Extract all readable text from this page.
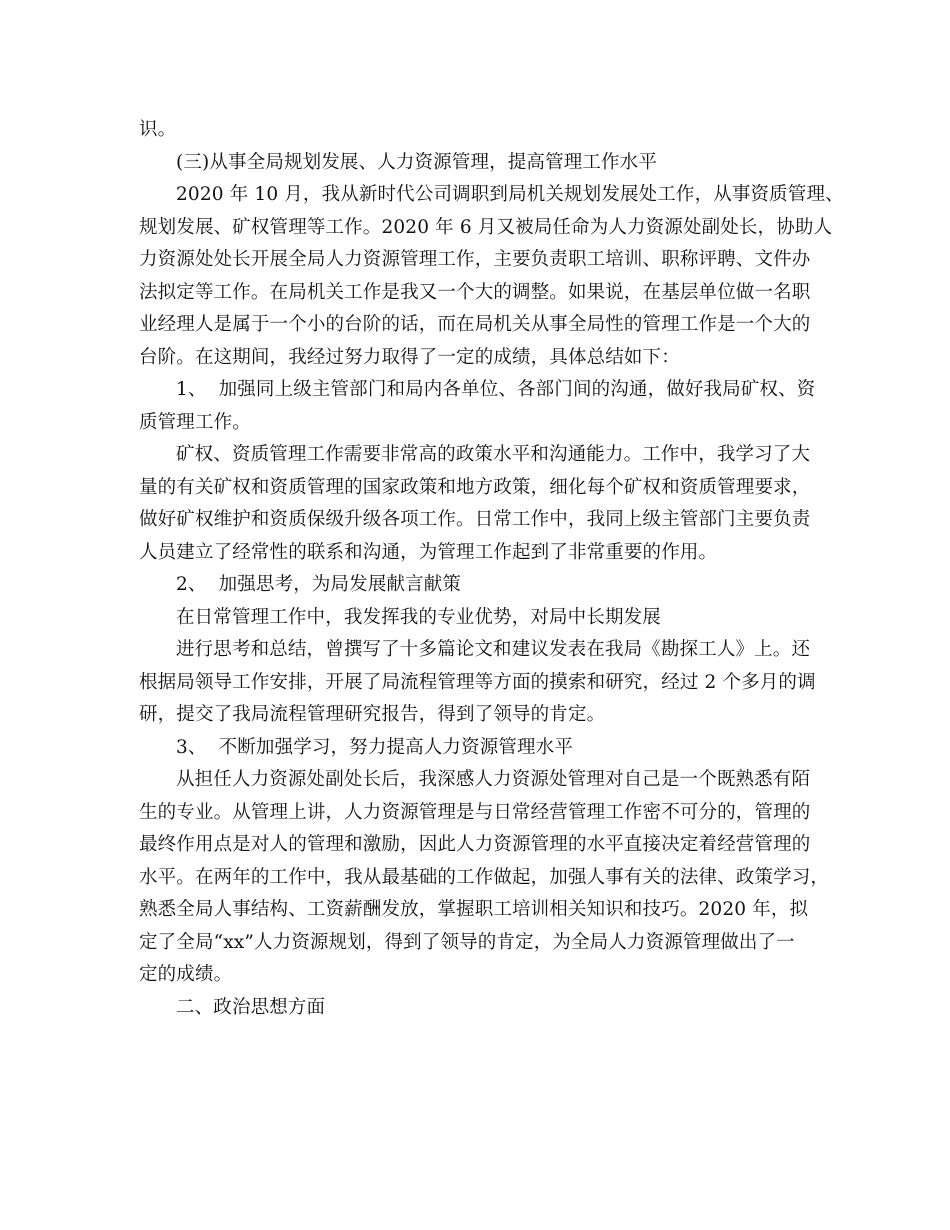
识。
(三)从事全局规划发展、人力资源管理，提高管理工作水平
2020 年 10 月，我从新时代公司调职到局机关规划发展处工作，从事资质管理、
规划发展、矿权管理等工作。2020 年 6 月又被局任命为人力资源处副处长，协助人
力资源处处长开展全局人力资源管理工作，主要负责职工培训、职称评聘、文件办
法拟定等工作。在局机关工作是我又一个大的调整。如果说，在基层单位做一名职
业经理人是属于一个小的台阶的话，而在局机关从事全局性的管理工作是一个大的
台阶。在这期间，我经过努力取得了一定的成绩，具体总结如下：
1、  加强同上级主管部门和局内各单位、各部门间的沟通，做好我局矿权、资
质管理工作。
矿权、资质管理工作需要非常高的政策水平和沟通能力。工作中，我学习了大
量的有关矿权和资质管理的国家政策和地方政策，细化每个矿权和资质管理要求，
做好矿权维护和资质保级升级各项工作。日常工作中，我同上级主管部门主要负责
人员建立了经常性的联系和沟通，为管理工作起到了非常重要的作用。
2、  加强思考，为局发展献言献策
在日常管理工作中，我发挥我的专业优势，对局中长期发展
进行思考和总结，曾撰写了十多篇论文和建议发表在我局《勘探工人》上。还
根据局领导工作安排，开展了局流程管理等方面的摸索和研究，经过 2 个多月的调
研，提交了我局流程管理研究报告，得到了领导的肯定。
3、  不断加强学习，努力提高人力资源管理水平
从担任人力资源处副处长后，我深感人力资源处管理对自己是一个既熟悉有陌
生的专业。从管理上讲，人力资源管理是与日常经营管理工作密不可分的，管理的
最终作用点是对人的管理和激励，因此人力资源管理的水平直接决定着经营管理的
水平。在两年的工作中，我从最基础的工作做起，加强人事有关的法律、政策学习，
熟悉全局人事结构、工资薪酬发放，掌握职工培训相关知识和技巧。2020 年，拟
定了全局“xx”人力资源规划，得到了领导的肯定，为全局人力资源管理做出了一
定的成绩。
二、政治思想方面
